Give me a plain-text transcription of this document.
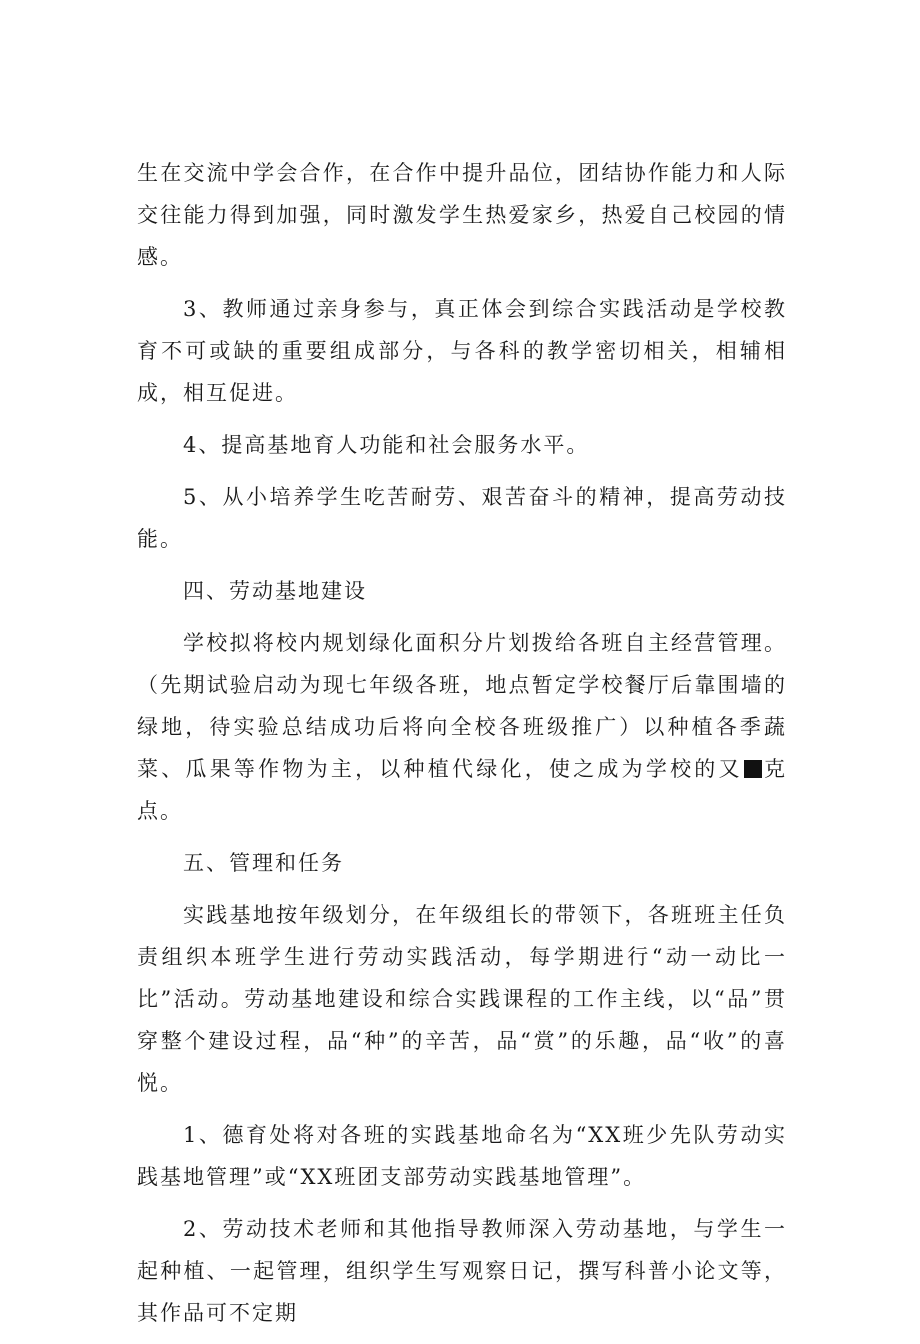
生在交流中学会合作，在合作中提升品位，团结协作能力和人际交往能力得到加强，同时激发学生热爱家乡，热爱自己校园的情感。

3、教师通过亲身参与，真正体会到综合实践活动是学校教育不可或缺的重要组成部分，与各科的教学密切相关，相辅相成，相互促进。

4、提高基地育人功能和社会服务水平。

5、从小培养学生吃苦耐劳、艰苦奋斗的精神，提高劳动技能。

四、劳动基地建设

学校拟将校内规划绿化面积分片划拨给各班自主经营管理。（先期试验启动为现七年级各班，地点暂定学校餐厅后靠围墙的绿地，待实验总结成功后将向全校各班级推广）以种植各季蔬菜、瓜果等作物为主，以种植代绿化，使之成为学校的又 克点。

五、管理和任务

实践基地按年级划分，在年级组长的带领下，各班班主任负责组织本班学生进行劳动实践活动，每学期进行“动一动比一比”活动。劳动基地建设和综合实践课程的工作主线，以“品”贯穿整个建设过程，品“种”的辛苦，品“赏”的乐趣，品“收”的喜悦。

1、德育处将对各班的实践基地命名为“XX班少先队劳动实践基地管理”或“XX班团支部劳动实践基地管理”。

2、劳动技术老师和其他指导教师深入劳动基地，与学生一起种植、一起管理，组织学生写观察日记，撰写科普小论文等，其作品可不定期
